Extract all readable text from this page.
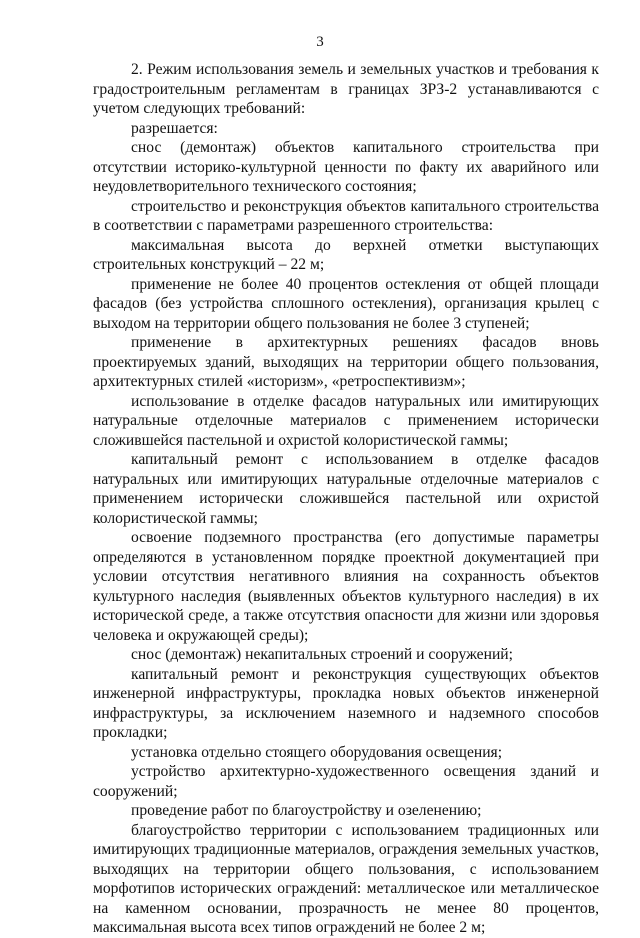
3

2. Режим использования земель и земельных участков и требования к градостроительным регламентам в границах ЗРЗ-2 устанавливаются с учетом следующих требований:

разрешается:

снос (демонтаж) объектов капитального строительства при отсутствии историко-культурной ценности по факту их аварийного или неудовлетворительного технического состояния;

строительство и реконструкция объектов капитального строительства в соответствии с параметрами разрешенного строительства:

максимальная высота до верхней отметки выступающих строительных конструкций – 22 м;

применение не более 40 процентов остекления от общей площади фасадов (без устройства сплошного остекления), организация крылец с выходом на территории общего пользования не более 3 ступеней;

применение в архитектурных решениях фасадов вновь проектируемых зданий, выходящих на территории общего пользования, архитектурных стилей «историзм», «ретроспективизм»;

использование в отделке фасадов натуральных или имитирующих натуральные отделочные материалов с применением исторически сложившейся пастельной и охристой колористической гаммы;

капитальный ремонт с использованием в отделке фасадов натуральных или имитирующих натуральные отделочные материалов с применением исторически сложившейся пастельной или охристой колористической гаммы;

освоение подземного пространства (его допустимые параметры определяются в установленном порядке проектной документацией при условии отсутствия негативного влияния на сохранность объектов культурного наследия (выявленных объектов культурного наследия) в их исторической среде, а также отсутствия опасности для жизни или здоровья человека и окружающей среды);

снос (демонтаж) некапитальных строений и сооружений;

капитальный ремонт и реконструкция существующих объектов инженерной инфраструктуры, прокладка новых объектов инженерной инфраструктуры, за исключением наземного и надземного способов прокладки;

установка отдельно стоящего оборудования освещения;

устройство архитектурно-художественного освещения зданий и сооружений;

проведение работ по благоустройству и озеленению;

благоустройство территории с использованием традиционных или имитирующих традиционные материалов, ограждения земельных участков, выходящих на территории общего пользования, с использованием морфотипов исторических ограждений: металлическое или металлическое на каменном основании, прозрачность не менее 80 процентов, максимальная высота всех типов ограждений не более 2 м;
